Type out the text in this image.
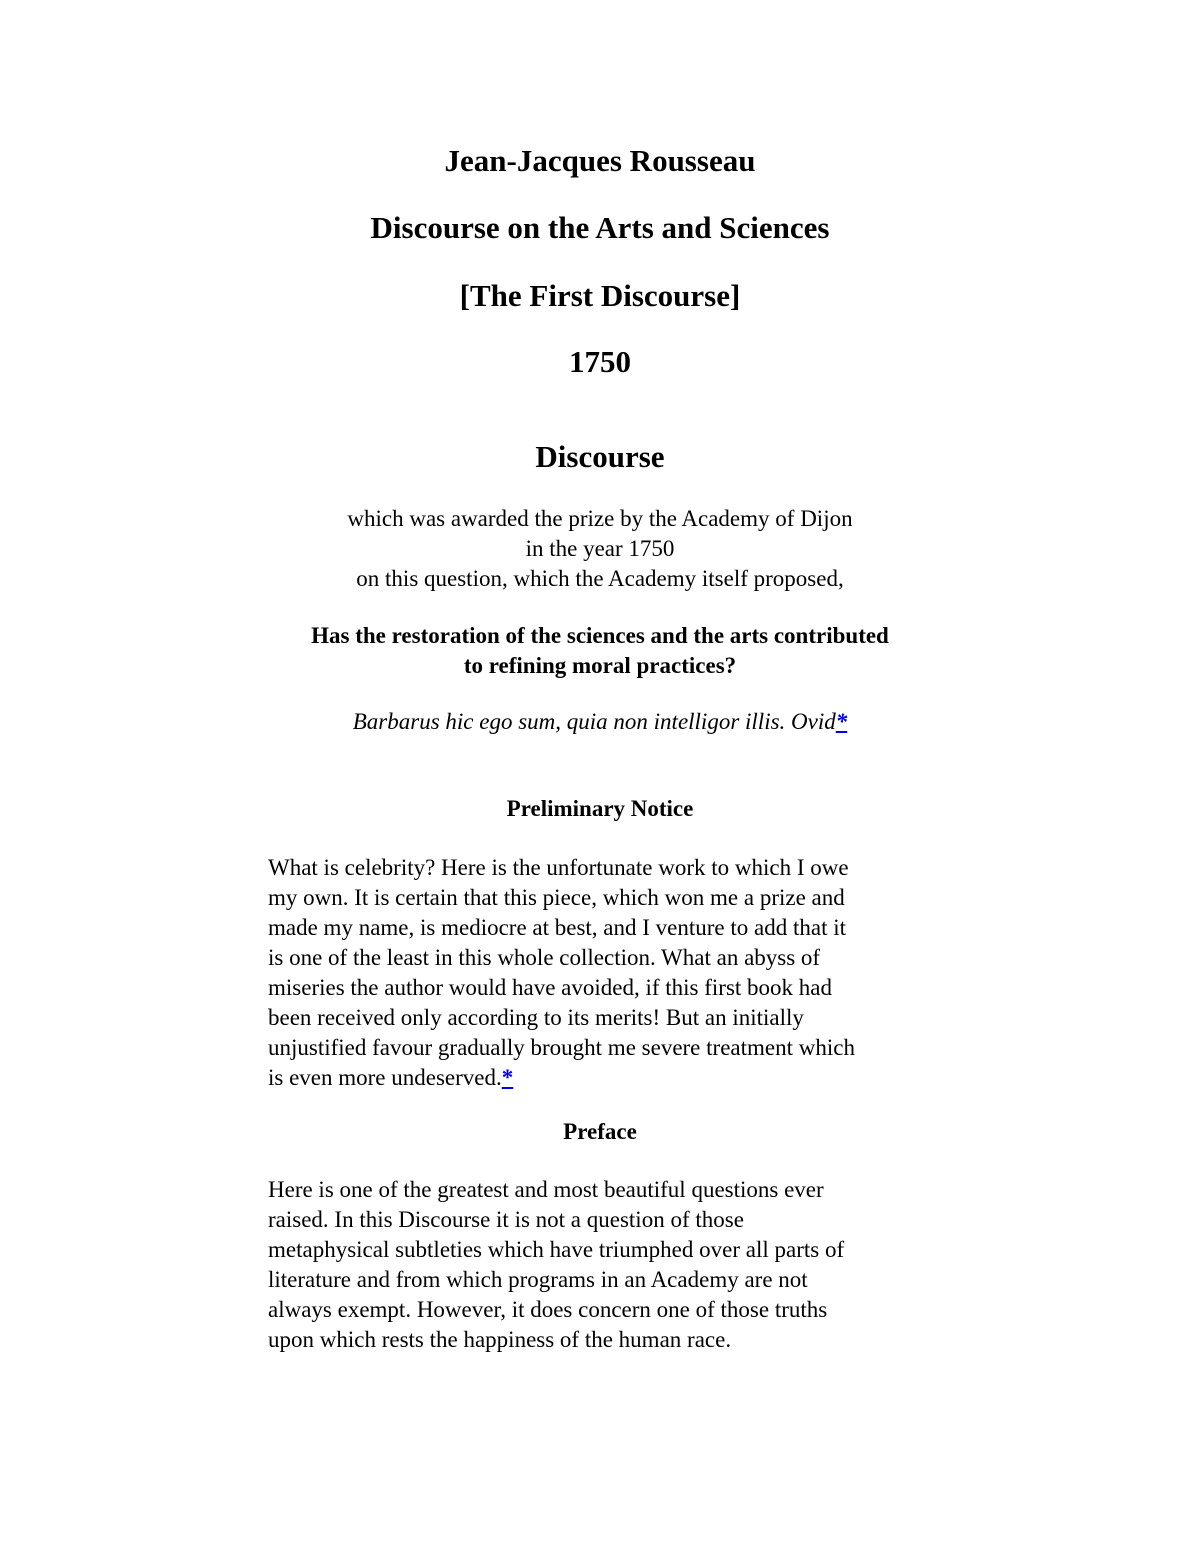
Jean-Jacques Rousseau
Discourse on the Arts and Sciences
[The First Discourse]
1750
Discourse
which was awarded the prize by the Academy of Dijon
in the year 1750
on this question, which the Academy itself proposed,
Has the restoration of the sciences and the arts contributed
to refining moral practices?
Barbarus hic ego sum, quia non intelligor illis. Ovid*
Preliminary Notice
What is celebrity? Here is the unfortunate work to which I owe
my own. It is certain that this piece, which won me a prize and
made my name, is mediocre at best, and I venture to add that it
is one of the least in this whole collection. What an abyss of
miseries the author would have avoided, if this first book had
been received only according to its merits! But an initially
unjustified favour gradually brought me severe treatment which
is even more undeserved.*
Preface
Here is one of the greatest and most beautiful questions ever
raised. In this Discourse it is not a question of those
metaphysical subtleties which have triumphed over all parts of
literature and from which programs in an Academy are not
always exempt. However, it does concern one of those truths
upon which rests the happiness of the human race.
